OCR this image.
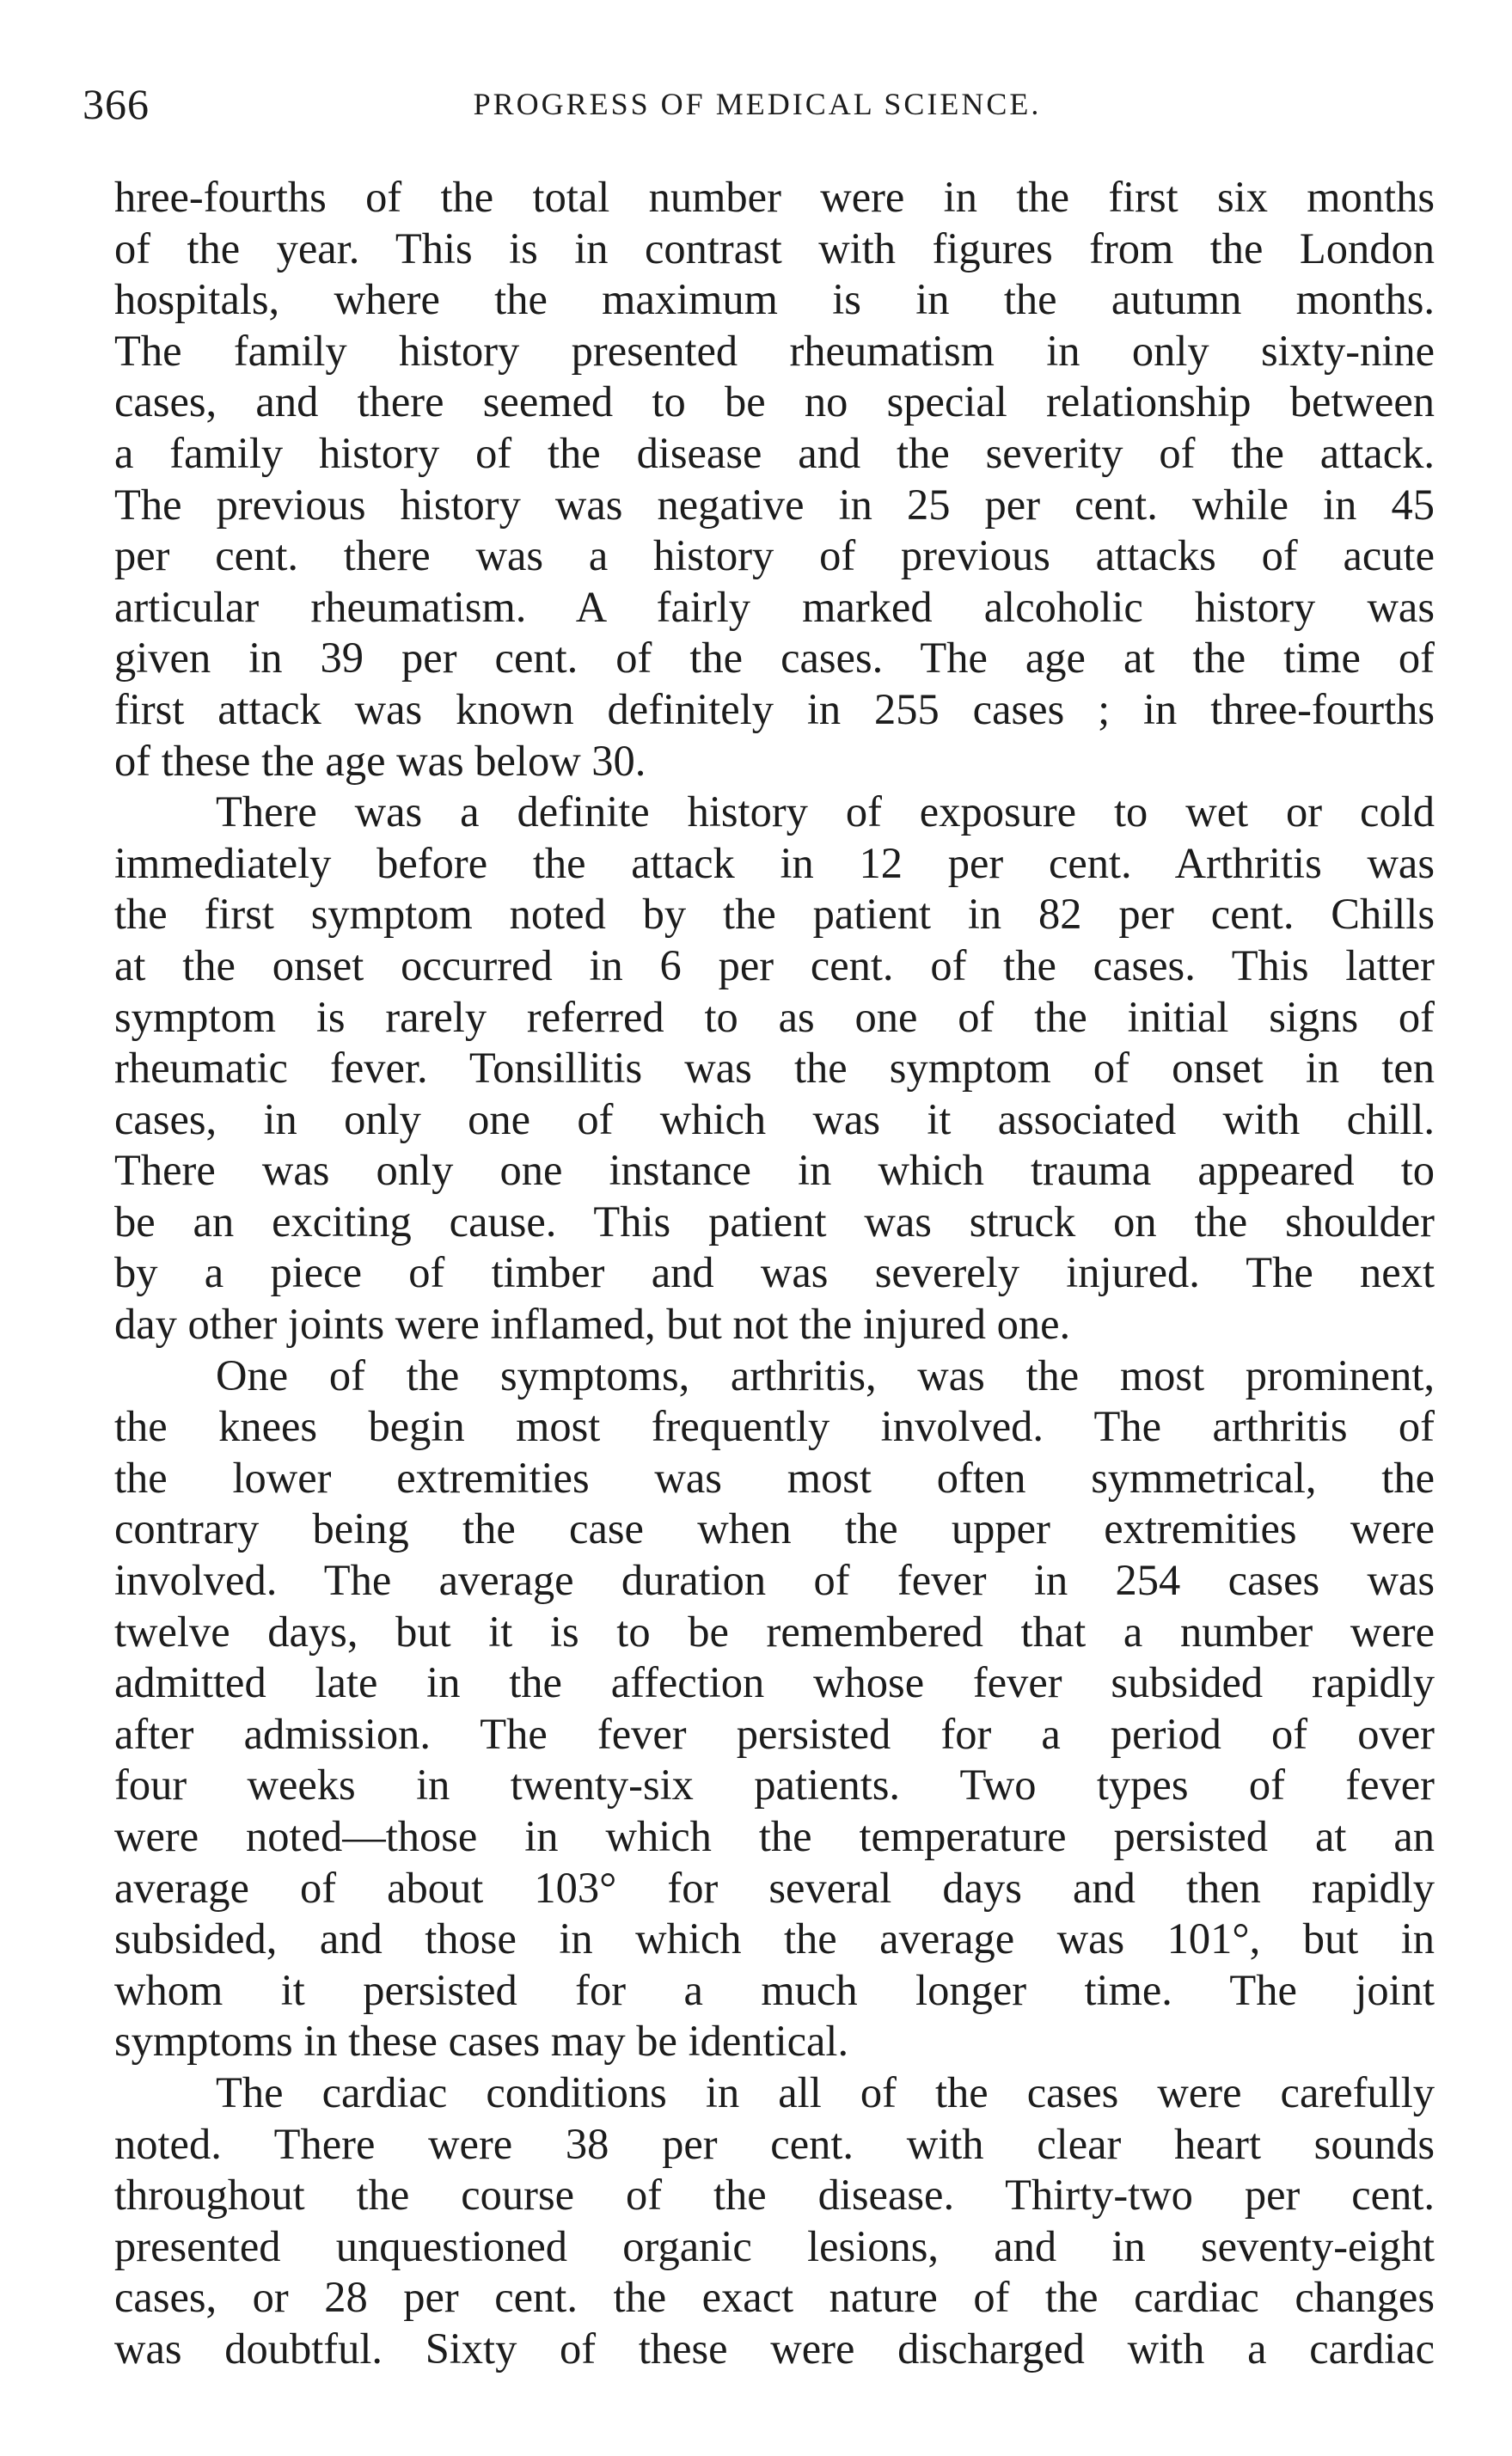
366	PROGRESS OF MEDICAL SCIENCE.
hree-fourths of the total number were in the first six months
of the year. This is in contrast with figures from the London
hospitals, where the maximum is in the autumn months.
The family history presented rheumatism in only sixty-nine
cases, and there seemed to be no special relationship between
a family history of the disease and the severity of the attack.
The previous history was negative in 25 per cent. while in 45
per cent. there was a history of previous attacks of acute
articular rheumatism. A fairly marked alcoholic history was
given in 39 per cent. of the cases. The age at the time of
first attack was known definitely in 255 cases ; in three-fourths
of these the age was below 30.
There was a definite history of exposure to wet or cold
immediately before the attack in 12 per cent. Arthritis was
the first symptom noted by the patient in 82 per cent. Chills
at the onset occurred in 6 per cent. of the cases. This latter
symptom is rarely referred to as one of the initial signs of
rheumatic fever. Tonsillitis was the symptom of onset in ten
cases, in only one of which was it associated with chill.
There was only one instance in which trauma appeared to
be an exciting cause. This patient was struck on the shoulder
by a piece of timber and was severely injured. The next
day other joints were inflamed, but not the injured one.
One of the symptoms, arthritis, was the most prominent,
the knees begin most frequently involved. The arthritis of
the lower extremities was most often symmetrical, the
contrary being the case when the upper extremities were
involved. The average duration of fever in 254 cases was
twelve days, but it is to be remembered that a number were
admitted late in the affection whose fever subsided rapidly
after admission. The fever persisted for a period of over
four weeks in twenty-six patients. Two types of fever
were noted—those in which the temperature persisted at an
average of about 103° for several days and then rapidly
subsided, and those in which the average was 101°, but in
whom it persisted for a much longer time. The joint
symptoms in these cases may be identical.
The cardiac conditions in all of the cases were carefully
noted. There were 38 per cent. with clear heart sounds
throughout the course of the disease. Thirty-two per cent.
presented unquestioned organic lesions, and in seventy-eight
cases, or 28 per cent. the exact nature of the cardiac changes
was doubtful. Sixty of these were discharged with a cardiac
